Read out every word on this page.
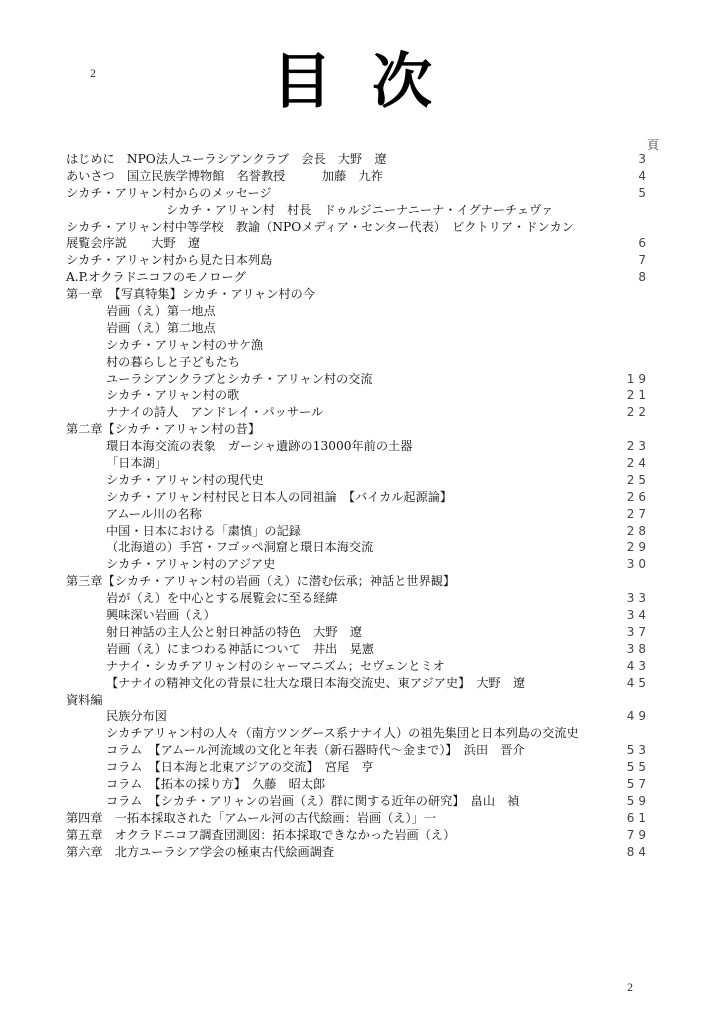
2	目次
頁
はじめに　NPO法人ユーラシアンクラブ　会長　大野　遼	3
あいさつ　国立民族学博物館　名誉教授　　　加藤　九祚	4
シカチ・アリャン村からのメッセージ	5
シカチ・アリャン村　村長　ドゥルジニーナニーナ・イグナーチェヴァ
シカチ・アリャン村中等学校　教諭（NPOメディア・センター代表）　ビクトリア・ドンカン
展覧会序説　　大野　遼	6
シカチ・アリャン村から見た日本列島	7
A.P.オクラドニコフのモノローグ	8
第一章　【写真特集】シカチ・アリャン村の今
岩画（え）第一地点
岩画（え）第二地点
シカチ・アリャン村のサケ漁
村の暮らしと子どもたち
ユーラシアンクラブとシカチ・アリャン村の交流	19
シカチ・アリャン村の歌	21
ナナイの詩人　アンドレイ・パッサール	22
第二章【シカチ・アリャン村の昔】
環日本海交流の表象　ガーシャ遺跡の13000年前の土器	23
「日本湖」	24
シカチ・アリャン村の現代史	25
シカチ・アリャン村村民と日本人の同祖論　【バイカル起源論】	26
アムール川の名称	27
中国・日本における「粛慎」の記録	28
（北海道の）手宮・フゴッペ洞窟と環日本海交流	29
シカチ・アリャン村のアジア史	30
第三章【シカチ・アリャン村の岩画（え）に潜む伝承；神話と世界観】
岩が（え）を中心とする展覧会に至る経緯	33
興味深い岩画（え）	34
射日神話の主人公と射日神話の特色　大野　遼	37
岩画（え）にまつわる神話について　井出　晃憲	38
ナナイ・シカチアリャン村のシャーマニズム；セヴェンとミオ	43
【ナナイの精神文化の背景に壮大な環日本海交流史、東アジア史】　大野　遼	45
資料編
民族分布図	49
シカチアリャン村の人々（南方ツングース系ナナイ人）の祖先集団と日本列島の交流史
コラム　【アムール河流域の文化と年表（新石器時代～金まで）】　浜田　晋介	53
コラム　【日本海と北東アジアの交流】　宮尾　亨	55
コラム　【拓本の採り方】　久藤　昭太郎	57
コラム　【シカチ・アリャンの岩画（え）群に関する近年の研究】　畠山　禎	59
第四章　一拓本採取された「アムール河の古代絵画：岩画（え）」一	61
第五章　オクラドニコフ調査団測図：拓本採取できなかった岩画（え）	79
第六章　北方ユーラシア学会の極東古代絵画調査	84
2
